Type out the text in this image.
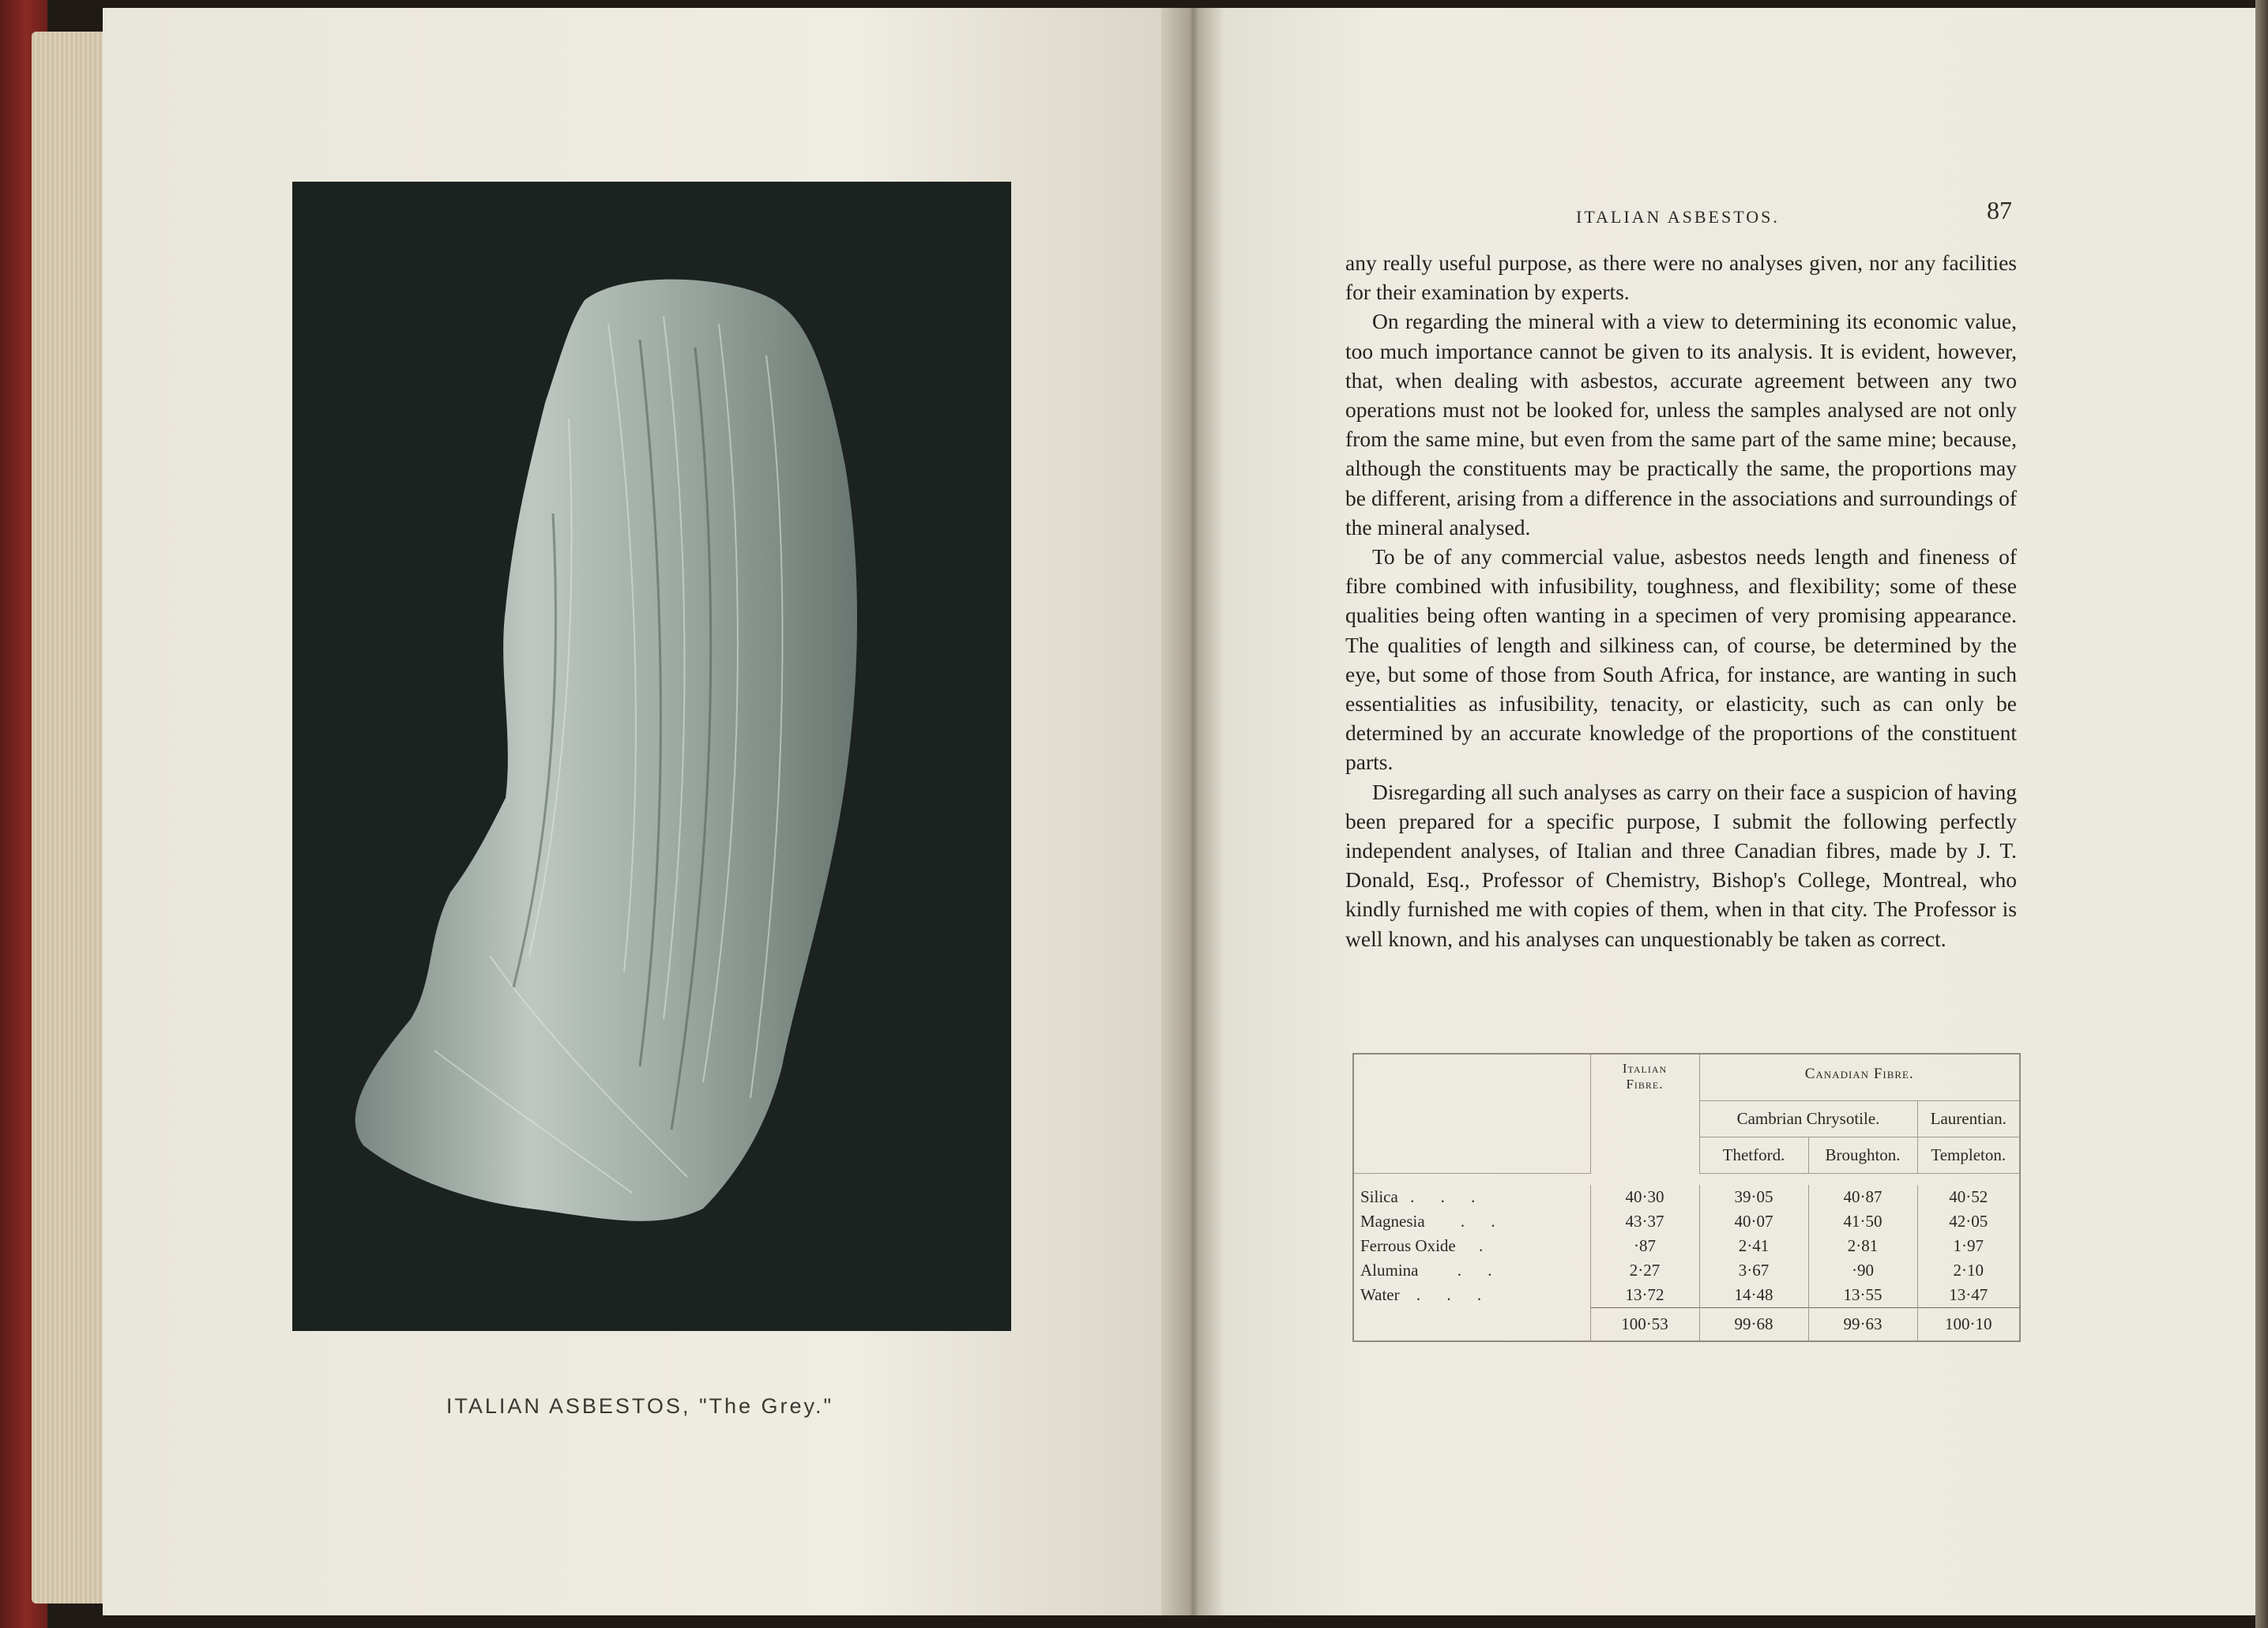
ITALIAN ASBESTOS, "The Grey."
ITALIAN ASBESTOS.	87

any really useful purpose, as there were no analyses given, nor any facilities for their examination by experts.

On regarding the mineral with a view to determining its economic value, too much importance cannot be given to its analysis. It is evident, however, that, when dealing with asbestos, accurate agreement between any two operations must not be looked for, unless the samples analysed are not only from the same mine, but even from the same part of the same mine; because, although the constituents may be practically the same, the proportions may be different, arising from a difference in the associations and surroundings of the mineral analysed.

To be of any commercial value, asbestos needs length and fineness of fibre combined with infusibility, toughness, and flexibility; some of these qualities being often wanting in a specimen of very promising appearance. The qualities of length and silkiness can, of course, be determined by the eye, but some of those from South Africa, for instance, are wanting in such essentialities as infusibility, tenacity, or elasticity, such as can only be determined by an accurate knowledge of the proportions of the constituent parts.

Disregarding all such analyses as carry on their face a suspicion of having been prepared for a specific purpose, I submit the following perfectly independent analyses, of Italian and three Canadian fibres, made by J. T. Donald, Esq., Professor of Chemistry, Bishop's College, Montreal, who kindly furnished me with copies of them, when in that city. The Professor is well known, and his analyses can unquestionably be taken as correct.

	Italian
Fibre.	Canadian Fibre.		
		Cambrian Chrysotile.		Laurentian.
		Thetford.	Broughton.	Templeton.

Silica . . .	40·30	39·05	40·87	40·52
Magnesia . .	43·37	40·07	41·50	42·05
Ferrous Oxide .	·87	2·41	2·81	1·97
Alumina . .	2·27	3·67	·90	2·10
Water . . .	13·72	14·48	13·55	13·47
	100·53	99·68	99·63	100·10
